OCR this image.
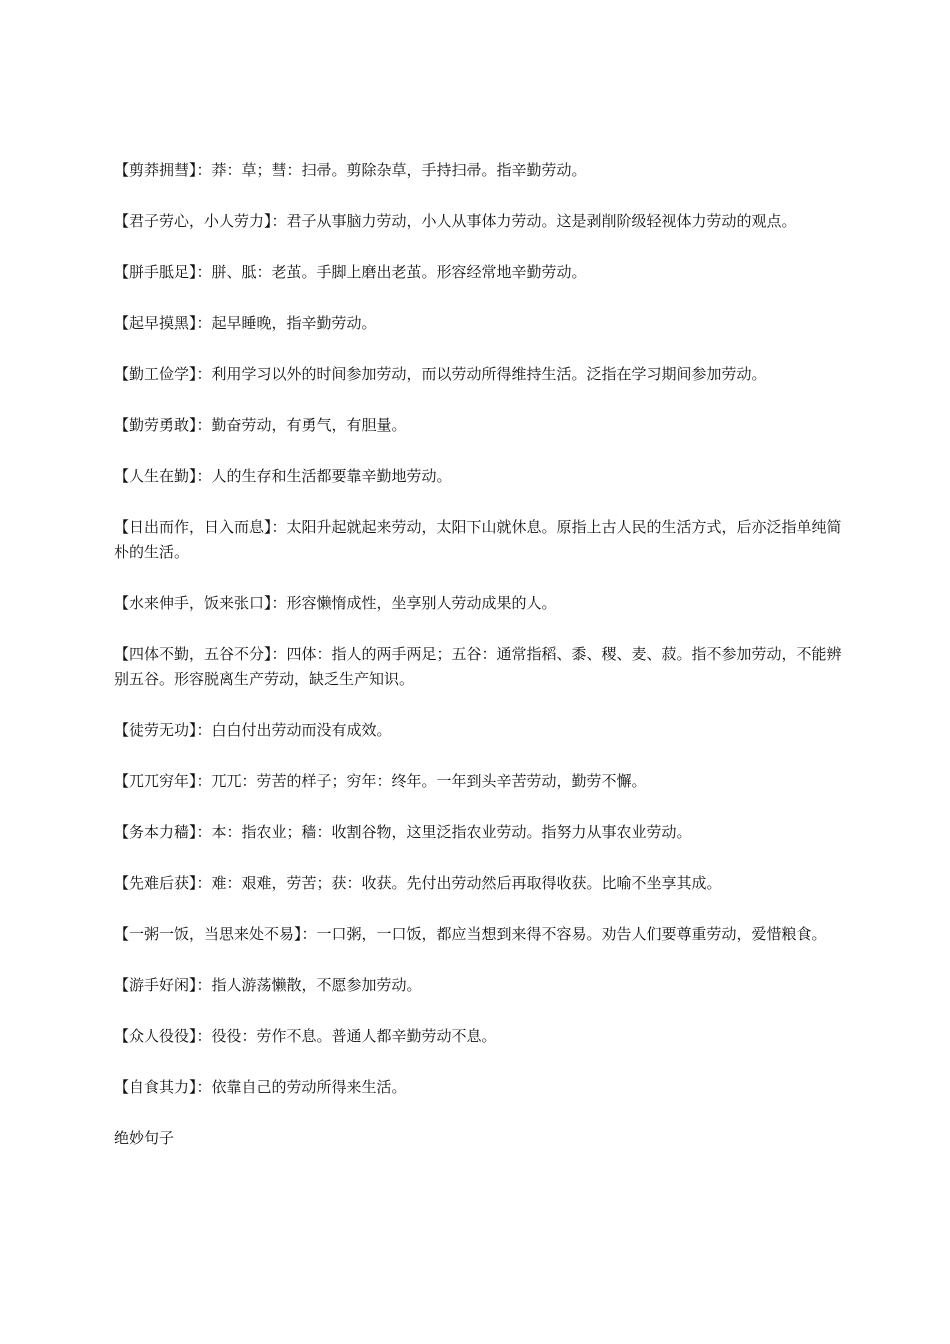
【剪莽拥彗】：莽：草；彗：扫帚。剪除杂草，手持扫帚。指辛勤劳动。
【君子劳心，小人劳力】：君子从事脑力劳动，小人从事体力劳动。这是剥削阶级轻视体力劳动的观点。
【胼手胝足】：胼、胝：老茧。手脚上磨出老茧。形容经常地辛勤劳动。
【起早摸黑】：起早睡晚，指辛勤劳动。
【勤工俭学】：利用学习以外的时间参加劳动，而以劳动所得维持生活。泛指在学习期间参加劳动。
【勤劳勇敢】：勤奋劳动，有勇气，有胆量。
【人生在勤】：人的生存和生活都要靠辛勤地劳动。
【日出而作，日入而息】：太阳升起就起来劳动，太阳下山就休息。原指上古人民的生活方式，后亦泛指单纯简朴的生活。
【水来伸手，饭来张口】：形容懒惰成性，坐享别人劳动成果的人。
【四体不勤，五谷不分】：四体：指人的两手两足；五谷：通常指稻、黍、稷、麦、菽。指不参加劳动，不能辨别五谷。形容脱离生产劳动，缺乏生产知识。
【徒劳无功】：白白付出劳动而没有成效。
【兀兀穷年】：兀兀：劳苦的样子；穷年：终年。一年到头辛苦劳动，勤劳不懈。
【务本力穑】：本：指农业；穑：收割谷物，这里泛指农业劳动。指努力从事农业劳动。
【先难后获】：难：艰难，劳苦；获：收获。先付出劳动然后再取得收获。比喻不坐享其成。
【一粥一饭，当思来处不易】：一口粥，一口饭，都应当想到来得不容易。劝告人们要尊重劳动，爱惜粮食。
【游手好闲】：指人游荡懒散，不愿参加劳动。
【众人役役】：役役：劳作不息。普通人都辛勤劳动不息。
【自食其力】：依靠自己的劳动所得来生活。
绝妙句子
